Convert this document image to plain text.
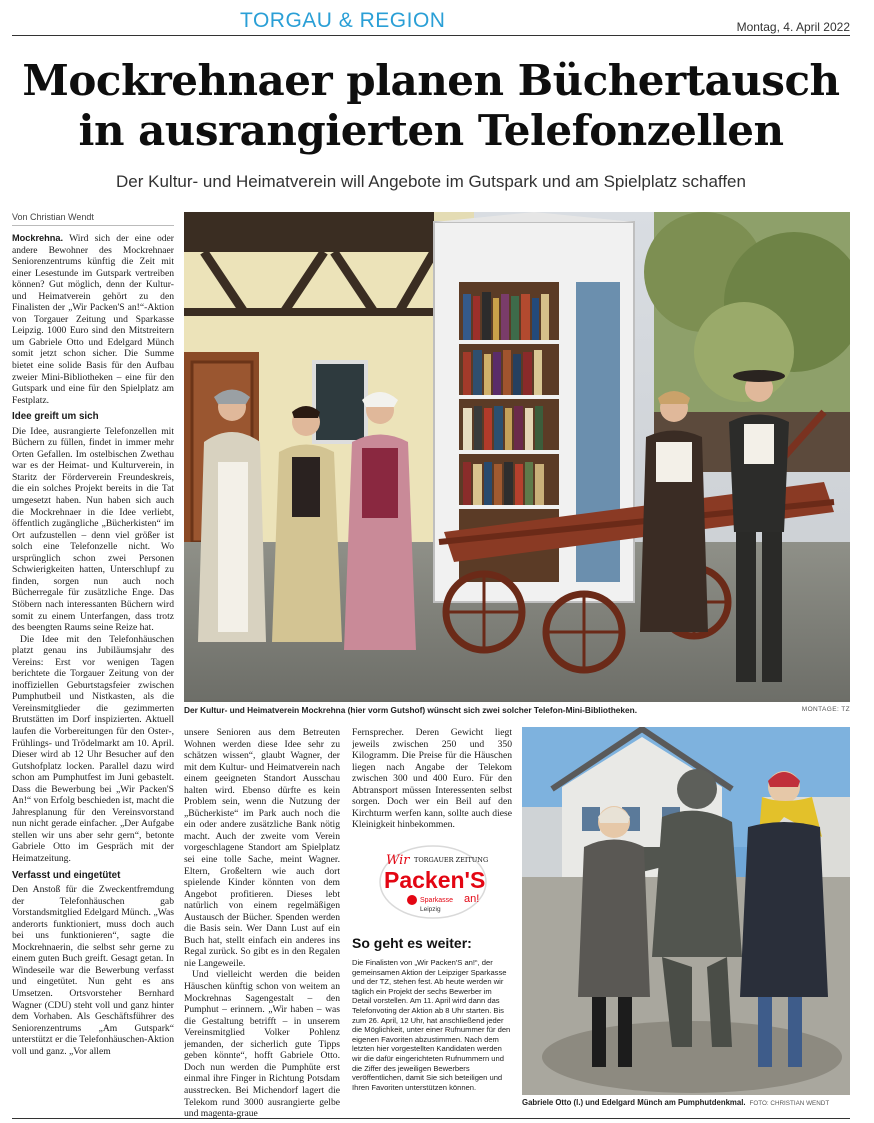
TORGAU & REGION	Montag, 4. April 2022
Mockrehnaer planen Büchertausch in ausrangierten Telefonzellen
Der Kultur- und Heimatverein will Angebote im Gutspark und am Spielplatz schaffen
Von Christian Wendt

Mockrehna. Wird sich der eine oder andere Bewohner des Mockrehnaer Seniorenzentrums künftig die Zeit mit einer Lesestunde im Gutspark vertreiben können? Gut möglich, denn der Kultur- und Heimatverein gehört zu den Finalisten der „Wir Packen'S an!“-Aktion von Torgauer Zeitung und Sparkasse Leipzig. 1000 Euro sind den Mitstreitern um Gabriele Otto und Edelgard Münch somit jetzt schon sicher. Die Summe bietet eine solide Basis für den Aufbau zweier Mini-Bibliotheken – eine für den Gutspark und eine für den Spielplatz am Festplatz.

Idee greift um sich

Die Idee, ausrangierte Telefonzellen mit Büchern zu füllen, findet in immer mehr Orten Gefallen. Im ostelbischen Zwethau war es der Heimat- und Kulturverein, in Staritz der Förderverein Freundeskreis, die ein solches Projekt bereits in die Tat umgesetzt haben. Nun haben sich auch die Mockrehnaer in die Idee verliebt, öffentlich zugängliche „Bücherkisten“ im Ort aufzustellen – denn viel größer ist solch eine Telefonzelle nicht. Wo ursprünglich schon zwei Personen Schwierigkeiten hatten, Unterschlupf zu finden, sorgen nun auch noch Bücherregale für zusätzliche Enge. Das Stöbern nach interessanten Büchern wird somit zu einem Unterfangen, dass trotz des beengten Raums seine Reize hat.

Die Idee mit den Telefonhäuschen platzt genau ins Jubiläumsjahr des Vereins: Erst vor wenigen Tagen berichtete die Torgauer Zeitung von der inoffiziellen Geburtstagsfeier zwischen Pumphutbeil und Nistkasten, als die Vereinsmitglieder die gezimmerten Brutstätten im Dorf inspizierten. Aktuell laufen die Vorbereitungen für den Oster-, Frühlings- und Trödelmarkt am 10. April. Dieser wird ab 12 Uhr Besucher auf den Gutshofplatz locken. Parallel dazu wird schon am Pumphutfest im Juni gebastelt. Dass die Bewerbung bei „Wir Packen'S An!“ von Erfolg beschieden ist, macht die Jahresplanung für den Vereinsvorstand nun nicht gerade einfacher. „Der Aufgabe stellen wir uns aber sehr gern“, betonte Gabriele Otto im Gespräch mit der Heimatzeitung.

Verfasst und eingetütet

Den Anstoß für die Zweckentfremdung der Telefonhäuschen gab Vorstandsmitglied Edelgard Münch. „Was anderorts funktioniert, muss doch auch bei uns funktionieren“, sagte die Mockrehnaerin, die selbst sehr gerne zu einem guten Buch greift. Gesagt getan. In Windeseile war die Bewerbung verfasst und eingetütet. Nun geht es ans Umsetzen. Ortsvorsteher Bernhard Wagner (CDU) steht voll und ganz hinter dem Vorhaben. Als Geschäftsführer des Seniorenzentrums „Am Gutspark“ unterstützt er die Telefonhäuschen-Aktion voll und ganz. „Vor allem

Der Kultur- und Heimatverein Mockrehna (hier vorm Gutshof) wünscht sich zwei solcher Telefon-Mini-Bibliotheken.	MONTAGE: TZ

unsere Senioren aus dem Betreuten Wohnen werden diese Idee sehr zu schätzen wissen“, glaubt Wagner, der mit dem Kultur- und Heimatverein nach einem geeigneten Standort Ausschau halten wird. Ebenso dürfte es kein Problem sein, wenn die Nutzung der „Bücherkiste“ im Park auch noch die ein oder andere zusätzliche Bank nötig macht. Auch der zweite vom Verein vorgeschlagene Standort am Spielplatz sei eine tolle Sache, meint Wagner. Eltern, Großeltern wie auch dort spielende Kinder könnten von dem Angebot profitieren. Dieses lebt natürlich von einem regelmäßigen Austausch der Bücher. Spenden werden die Basis sein. Wer Dann Lust auf ein Buch hat, stellt einfach ein anderes ins Regal zurück. So gibt es in den Regalen nie Langeweile.

Und vielleicht werden die beiden Häuschen künftig schon von weitem an Mockrehnas Sagengestalt – den Pumphut – erinnern. „Wir haben – was die Gestaltung betrifft – in unserem Vereinsmitglied Volker Pohlenz jemanden, der sicherlich gute Tipps geben könnte“, hofft Gabriele Otto. Doch nun werden die Pumphüte erst einmal ihre Finger in Richtung Potsdam ausstrecken. Bei Michendorf lagert die Telekom rund 3000 ausrangierte gelbe und magenta-graue

Fernsprecher. Deren Gewicht liegt jeweils zwischen 250 und 350 Kilogramm. Die Preise für die Häuschen liegen nach Angabe der Telekom zwischen 300 und 400 Euro. Für den Abtransport müssen Interessenten selbst sorgen. Doch wer ein Beil auf den Kirchturm werfen kann, sollte auch diese Kleinigkeit hinbekommen.

Wir TORGAUER ZEITUNG
Packen'S
an!
Sparkasse
Leipzig
So geht es weiter:
Die Finalisten von „Wir Packen'S an!“, der gemeinsamen Aktion der Leipziger Sparkasse und der TZ, stehen fest. Ab heute werden wir täglich ein Projekt der sechs Bewerber im Detail vorstellen. Am 11. April wird dann das Telefonvoting der Aktion ab 8 Uhr starten. Bis zum 26. April, 12 Uhr, hat anschließend jeder die Möglichkeit, unter einer Rufnummer für den eigenen Favoriten abzustimmen. Nach dem letzten hier vorgestellten Kandidaten werden wir die dafür eingerichteten Rufnummern und die Ziffer des jeweiligen Bewerbers veröffentlichen, damit Sie sich beteiligen und Ihren Favoriten unterstützen können.
Gabriele Otto (l.) und Edelgard Münch am Pumphutdenkmal. FOTO: CHRISTIAN WENDT
